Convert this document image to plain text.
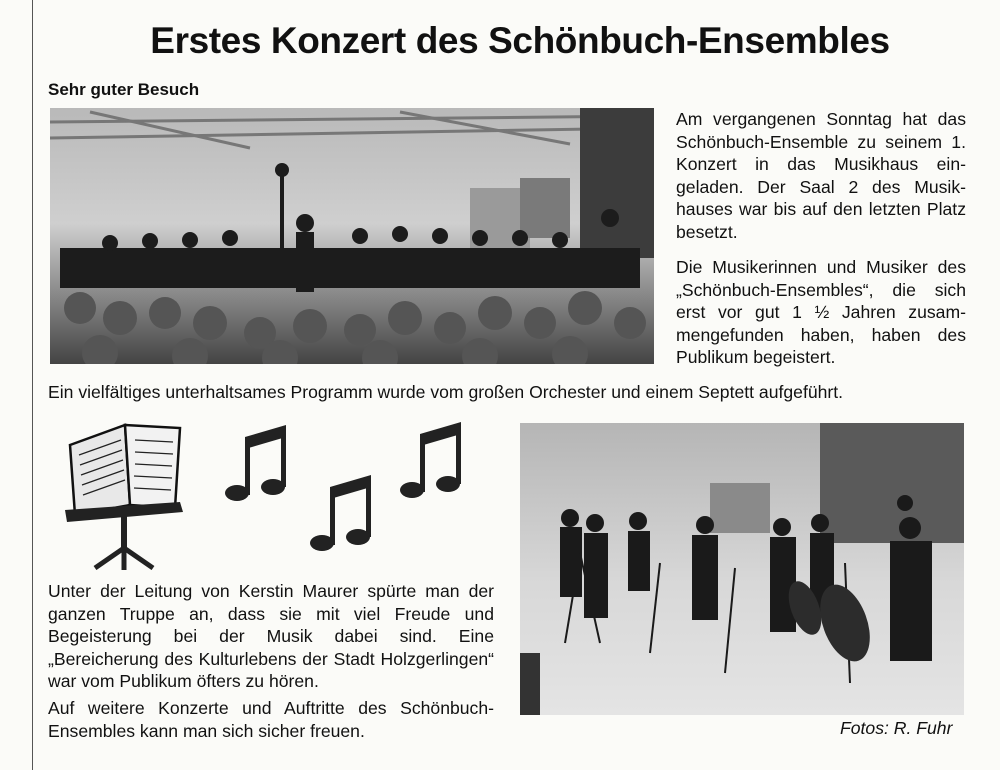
Erstes Konzert des Schönbuch-Ensembles
Sehr guter Besuch

Am vergangenen Sonntag hat das Schönbuch-Ensemble zu seinem 1. Konzert in das Musikhaus eingeladen. Der Saal 2 des Musikhauses war bis auf den letzten Platz besetzt.

Die Musikerinnen und Musiker des „Schönbuch-Ensembles“, die sich erst vor gut 1 ½ Jahren zusammengefunden haben, haben des Publikum begeistert.

Ein vielfältiges unterhaltsames Programm wurde vom großen Orchester und einem Septett aufgeführt.

Unter der Leitung von Kerstin Maurer spürte man der ganzen Truppe an, dass sie mit viel Freude und Begeisterung bei der Musik dabei sind. Eine „Bereicherung des Kulturlebens der Stadt Holzgerlingen“ war vom Publikum öfters zu hören.

Auf weitere Konzerte und Auftritte des Schönbuch-Ensembles kann man sich sicher freuen.	Fotos: R. Fuhr
